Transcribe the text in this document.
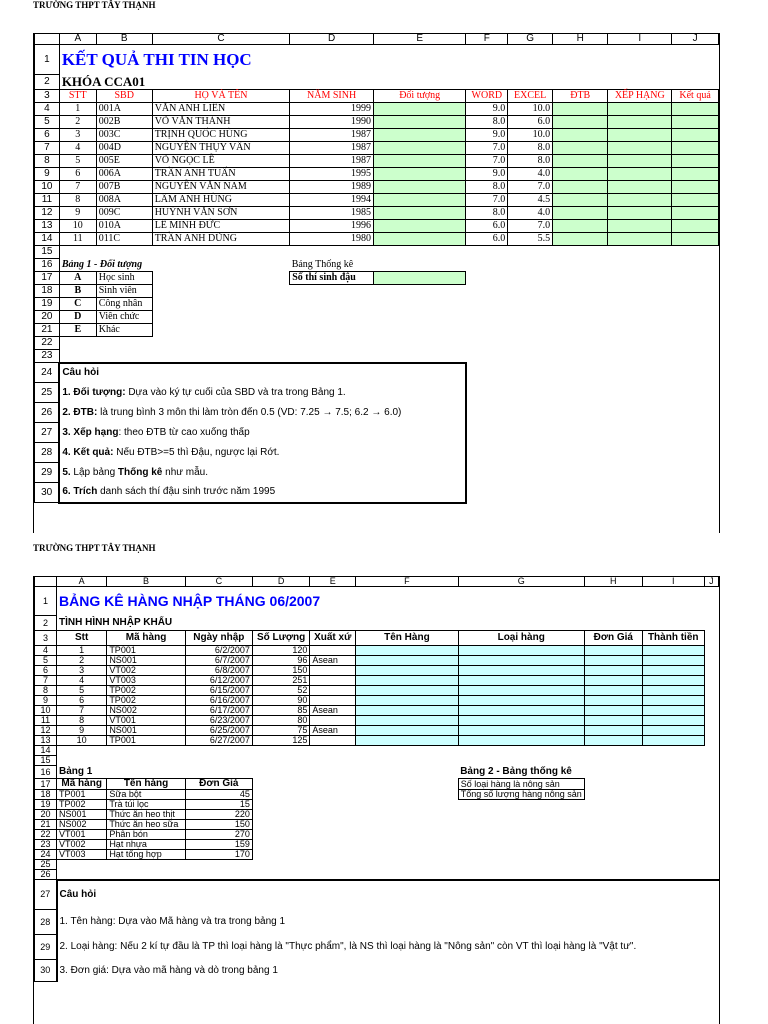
TRƯỜNG THPT TÂY THẠNH
	A	B	C	D	E	F	G	H	I	J
1	KẾT QUẢ THI TIN HỌC									
2	KHÓA CCA01									
3	STT	SBD	HỌ VÀ TÊN	NĂM SINH	Đối tượng	WORD	EXCEL	ĐTB	XẾP HẠNG	Kết quả
4	1	001A	VĂN ANH LIÊN	1999		9.0	10.0			
5	2	002B	VÕ VĂN THÀNH	1990		8.0	6.0			
6	3	003C	TRỊNH QUỐC HÙNG	1987		9.0	10.0			
7	4	004D	NGUYỄN THỤY VÂN	1987		7.0	8.0			
8	5	005E	VÕ NGỌC LỄ	1987		7.0	8.0			
9	6	006A	TRẦN ANH TUẤN	1995		9.0	4.0			
10	7	007B	NGUYỄN VĂN NAM	1989		8.0	7.0			
11	8	008A	LÂM ANH HÙNG	1994		7.0	4.5			
12	9	009C	HUỲNH VĂN SƠN	1985		8.0	4.0			
13	10	010A	LÊ MINH ĐỨC	1996		6.0	7.0			
14	11	011C	TRẦN ANH DŨNG	1980		6.0	5.5			
15										
16	Bảng 1 - Đối tượng			Bảng Thống kê						
17	A	Học sinh		Số thí sinh đậu						
18	B	Sinh viên								
19	C	Công nhân								
20	D	Viên chức								
21	E	Khác								
22										
23										
24	Câu hỏi									
25	1. Đối tượng: Dựa vào ký tự cuối của SBD và tra trong Bảng 1.									
26	2. ĐTB: là trung bình 3 môn thi làm tròn đến 0.5 (VD: 7.25 → 7.5; 6.2 → 6.0)									
27	3. Xếp hạng: theo ĐTB từ cao xuống thấp									
28	4. Kết quả: Nếu ĐTB>=5 thì Đậu, ngược lại Rớt.									
29	5. Lập bảng Thống kê như mẫu.									
30	6. Trích danh sách thí đậu sinh trước năm 1995									
TRƯỜNG THPT TÂY THẠNH
	A	B	C	D	E	F	G	H	I	J
1	BẢNG KÊ HÀNG NHẬP THÁNG 06/2007									
2	TÌNH HÌNH NHẬP KHẨU									
3	Stt	Mã hàng	Ngày nhập	Số Lượng	Xuất xứ	Tên Hàng	Loại hàng	Đơn Giá	Thành tiền	
4	1	TP001	6/2/2007	120						
5	2	NS001	6/7/2007	96	Asean					
6	3	VT002	6/8/2007	150						
7	4	VT003	6/12/2007	251						
8	5	TP002	6/15/2007	52						
9	6	TP002	6/16/2007	90						
10	7	NS002	6/17/2007	85	Asean					
11	8	VT001	6/23/2007	80						
12	9	NS001	6/25/2007	75	Asean					
13	10	TP001	6/27/2007	125						
14										
15										
16	Bảng 1						Bảng 2 - Bảng thống kê			
17	Mã hàng	Tên hàng	Đơn Giá				Số loại hàng là nông sản			
18	TP001	Sữa bột	45				Tổng số lượng hàng nông sản			
19	TP002	Trà túi lọc	15							
20	NS001	Thức ăn heo thịt	220							
21	NS002	Thức ăn heo sữa	150							
22	VT001	Phân bón	270							
23	VT002	Hạt nhựa	159							
24	VT003	Hạt tổng hợp	170							
25										
26										
27	Câu hỏi									
28	1. Tên hàng: Dựa vào Mã hàng và tra trong bảng 1									
29	2. Loại hàng: Nếu 2 kí tự đầu là TP thì loại hàng là "Thực phẩm", là NS thì loại hàng là "Nông sản" còn VT thì loại hàng là "Vật tư".									
30	3. Đơn giá: Dựa vào mã hàng và dò trong bảng 1									
